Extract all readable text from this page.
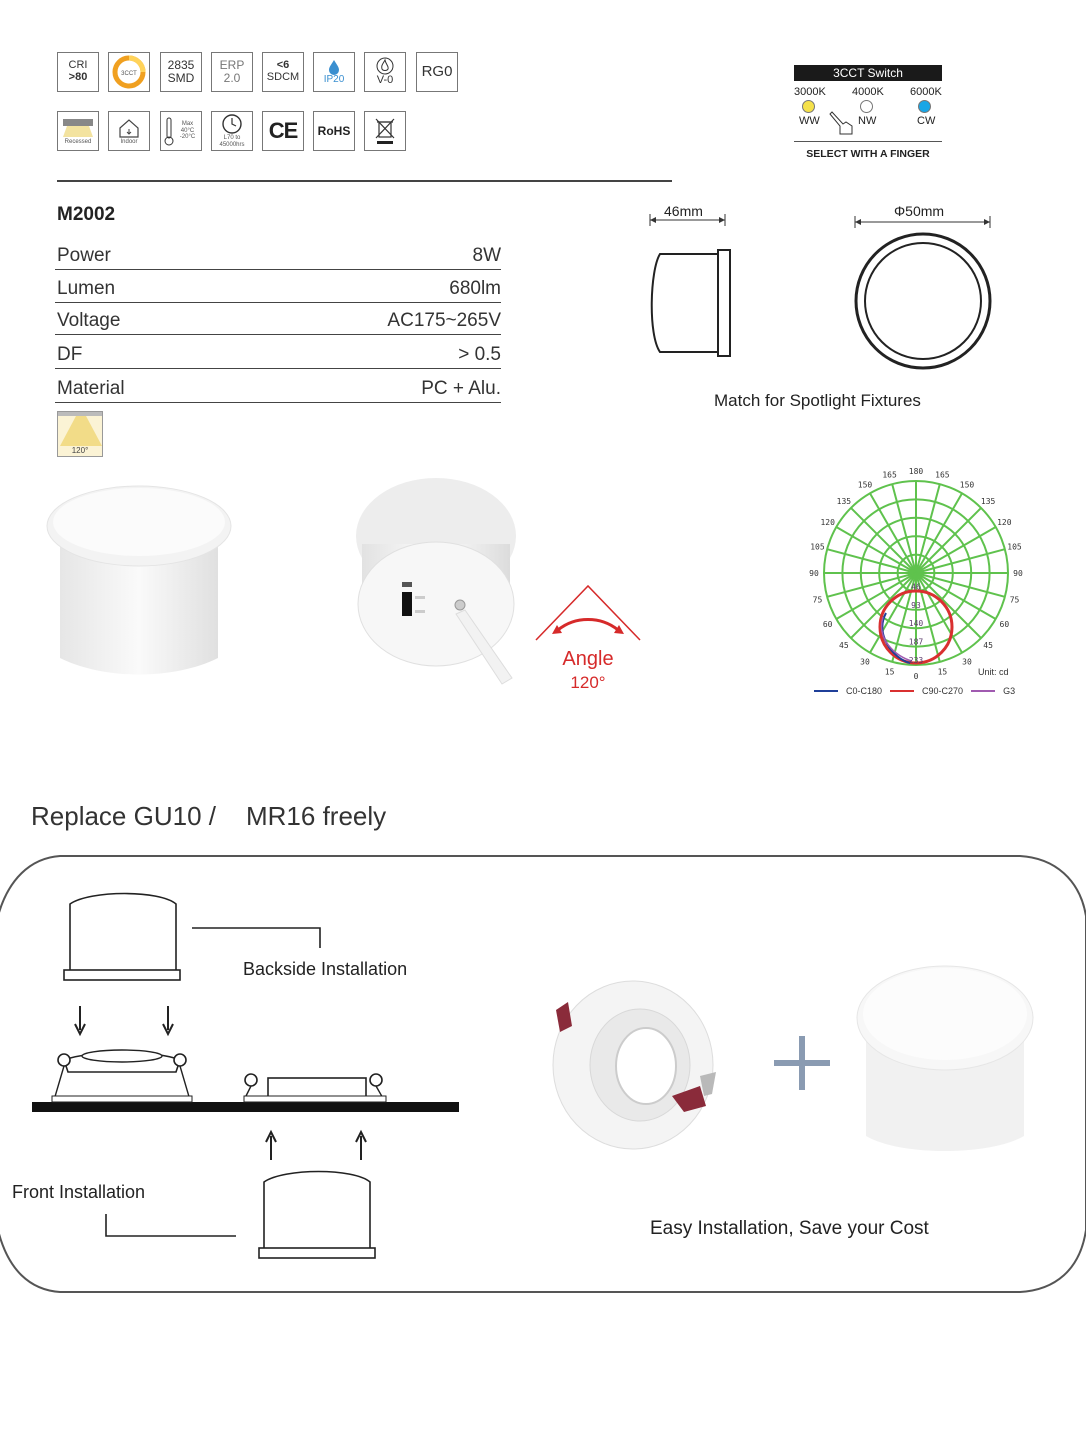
CRI
>80	3CCT
2835
SMD
ERP
2.0
<6
SDCM IP20	V-0
RG0
Recessed	Indoor
Max 40°C -20°C	L70 to 45000hrs
CE RoHS
3CCT Switch
3000K 4000K 6000K
WW	NW	CW
SELECT WITH A FINGER
M2002
Power	8W
Lumen	680lm
Voltage	AC175~265V
DF	> 0.5
Material	PC + Alu.
120°
46mm	Φ50mm
Match for Spotlight Fixtures
Angle
120°
150
135
120
105
90
75
60
45
30
15
150
135
120
105
90
75
60
45
30
15
165 180 165
0
46
93
140
187
233
Unit: cd
C0-C180	C90-C270	G3
Replace GU10 / MR16 freely
Backside Installation
Front Installation
Easy Installation, Save your Cost
